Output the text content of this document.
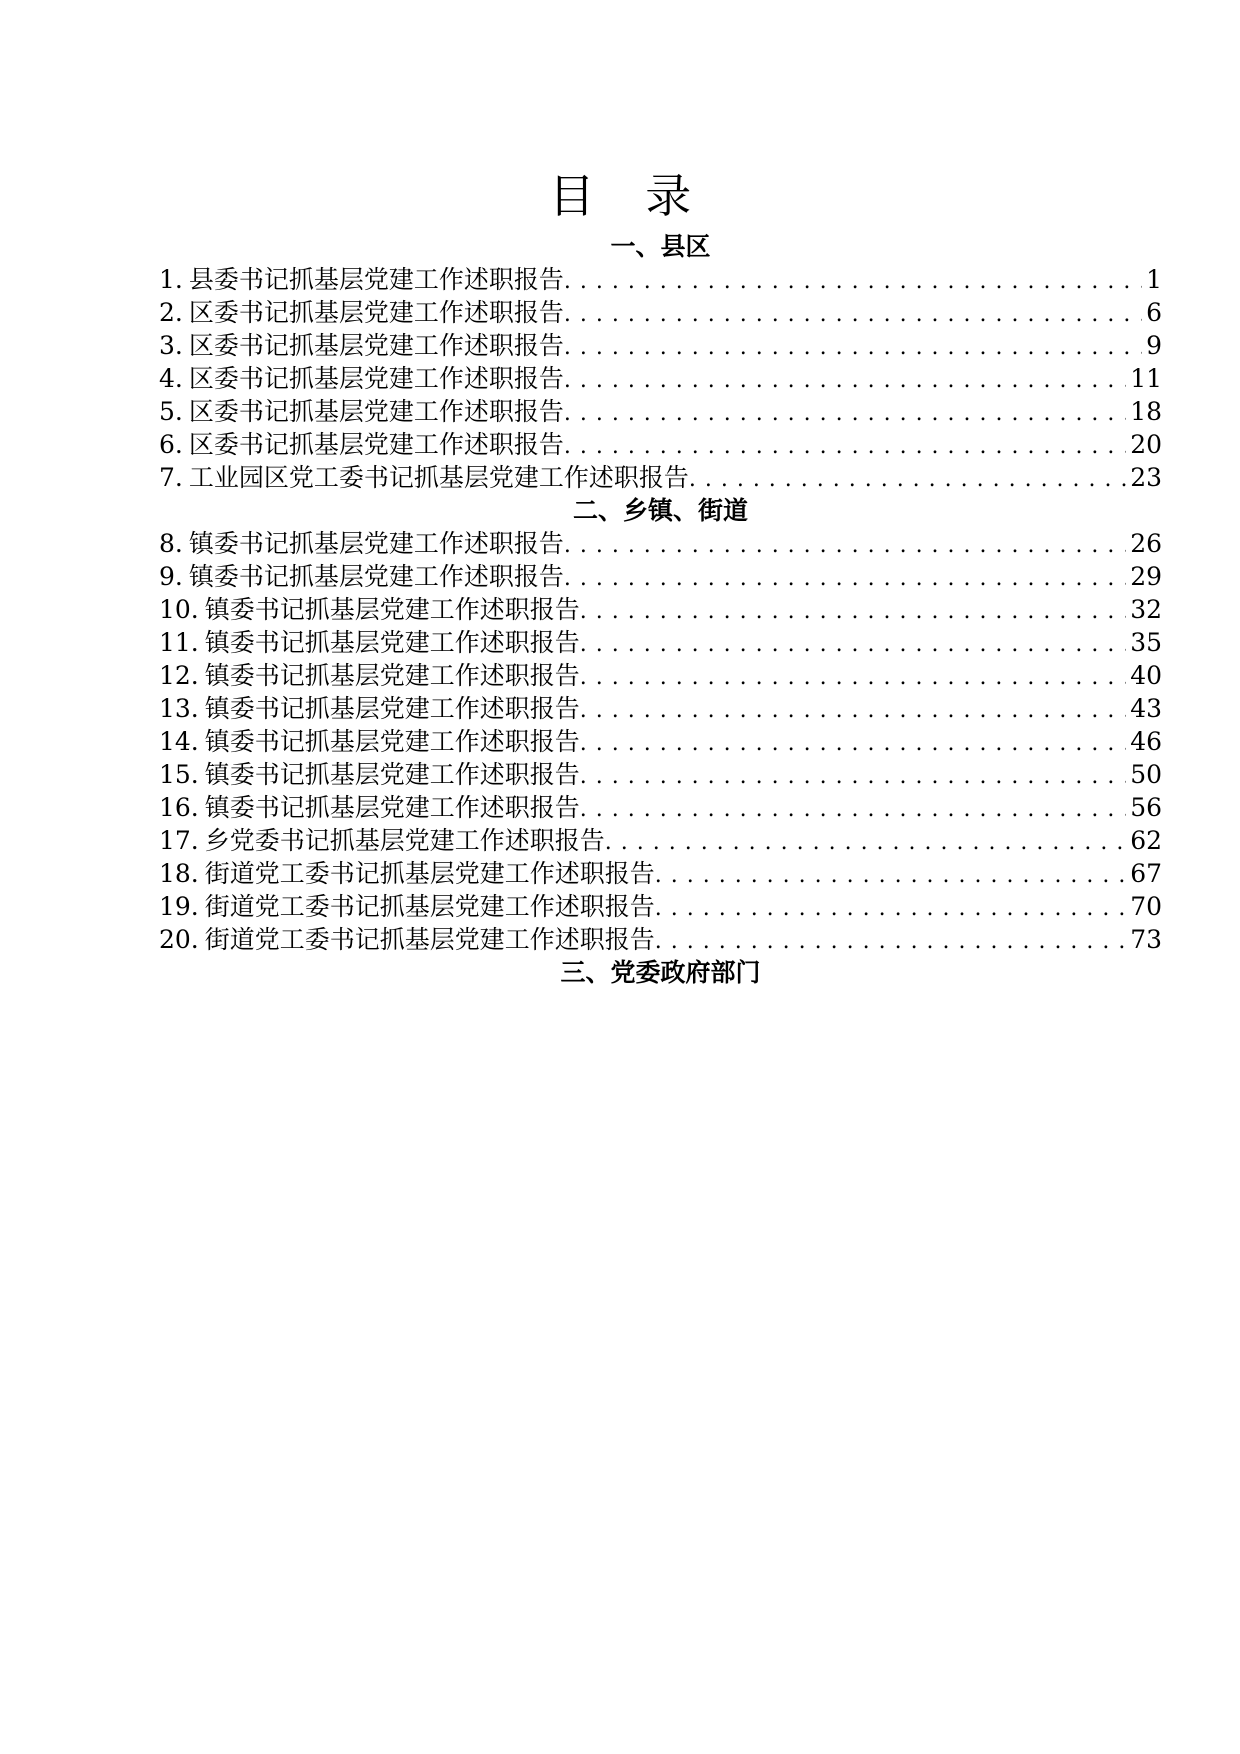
目 录
一、县区
1. 县委书记抓基层党建工作述职报告 . . .	1
2. 区委书记抓基层党建工作述职报告 . . .	6
3. 区委书记抓基层党建工作述职报告 . . .	9
4. 区委书记抓基层党建工作述职报告 . . .	11
5. 区委书记抓基层党建工作述职报告 . . .	18
6. 区委书记抓基层党建工作述职报告 . . .	20
7. 工业园区党工委书记抓基层党建工作述职报告 . . .	23
二、乡镇、街道
8. 镇委书记抓基层党建工作述职报告 . . .	26
9. 镇委书记抓基层党建工作述职报告 . . .	29
10. 镇委书记抓基层党建工作述职报告 . . .	32
11. 镇委书记抓基层党建工作述职报告 . . .	35
12. 镇委书记抓基层党建工作述职报告 . . .	40
13. 镇委书记抓基层党建工作述职报告 . . .	43
14. 镇委书记抓基层党建工作述职报告 . . .	46
15. 镇委书记抓基层党建工作述职报告 . . .	50
16. 镇委书记抓基层党建工作述职报告 . . .	56
17. 乡党委书记抓基层党建工作述职报告 . . .	62
18. 街道党工委书记抓基层党建工作述职报告 . . .	67
19. 街道党工委书记抓基层党建工作述职报告 . . .	70
20. 街道党工委书记抓基层党建工作述职报告 . . .	73
三、党委政府部门
